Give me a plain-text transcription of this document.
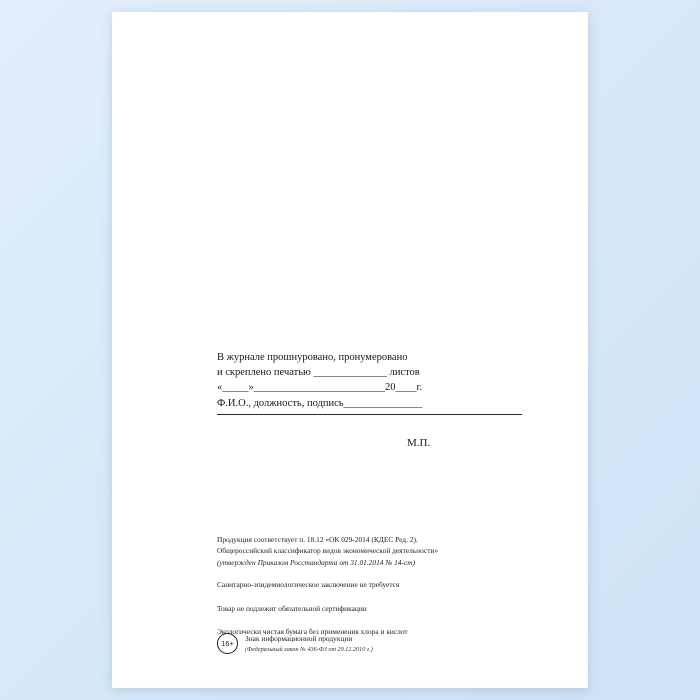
В журнале прошнуровано, пронумеровано
и скреплено печатью ______________ листов
«_____»_________________________20____г.
Ф.И.О., должность, подпись_______________
М.П.
Продукция соответствует п. 18.12 «ОК 029-2014 (КДЕС Ред. 2).
Общероссийский классификатор видов экономической деятельности»
(утвержден Приказом Росстандарта от 31.01.2014 № 14-ст)
Санитарно-эпидемиологическое заключение не требуется
Товар не подлежит обязательной сертификации
Экологически чистая бумага без применения хлора и кислот
16+
Знак информационной продукции
(Федеральный закон № 436-ФЗ от 29.12.2010 г.)
